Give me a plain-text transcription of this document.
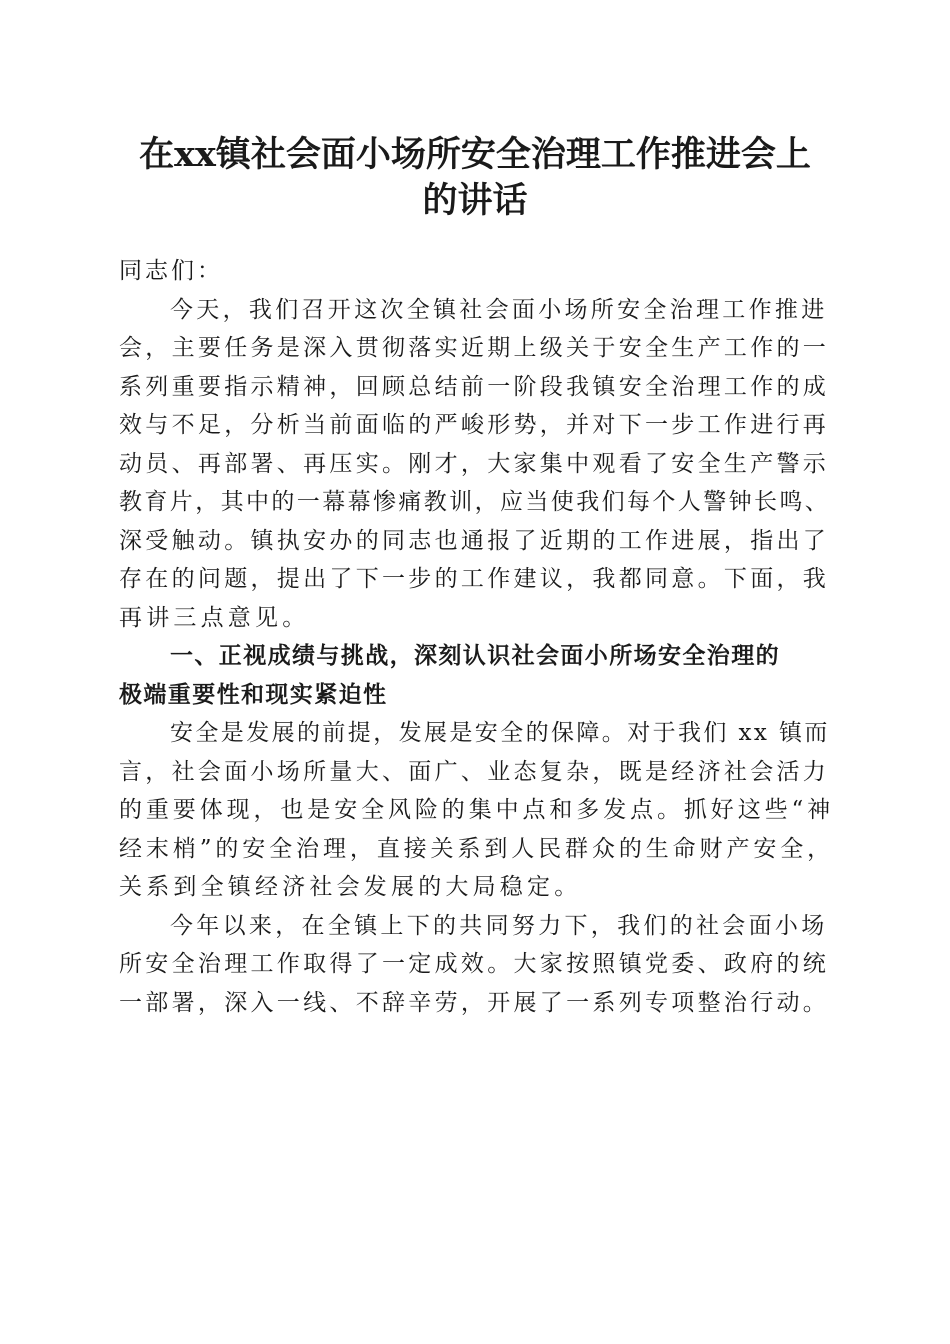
在xx镇社会面小场所安全治理工作推进会上
的讲话
同志们：
今天，我们召开这次全镇社会面小场所安全治理工作推进
会，主要任务是深入贯彻落实近期上级关于安全生产工作的一
系列重要指示精神，回顾总结前一阶段我镇安全治理工作的成
效与不足，分析当前面临的严峻形势，并对下一步工作进行再
动员、再部署、再压实。刚才，大家集中观看了安全生产警示
教育片，其中的一幕幕惨痛教训，应当使我们每个人警钟长鸣、
深受触动。镇执安办的同志也通报了近期的工作进展，指出了
存在的问题，提出了下一步的工作建议，我都同意。下面，我
再讲三点意见。
一、正视成绩与挑战，深刻认识社会面小所场安全治理的
极端重要性和现实紧迫性
安全是发展的前提，发展是安全的保障。对于我们 xx 镇而
言，社会面小场所量大、面广、业态复杂，既是经济社会活力
的重要体现，也是安全风险的集中点和多发点。抓好这些“神
经末梢”的安全治理，直接关系到人民群众的生命财产安全，
关系到全镇经济社会发展的大局稳定。
今年以来，在全镇上下的共同努力下，我们的社会面小场
所安全治理工作取得了一定成效。大家按照镇党委、政府的统
一部署，深入一线、不辞辛劳，开展了一系列专项整治行动。
